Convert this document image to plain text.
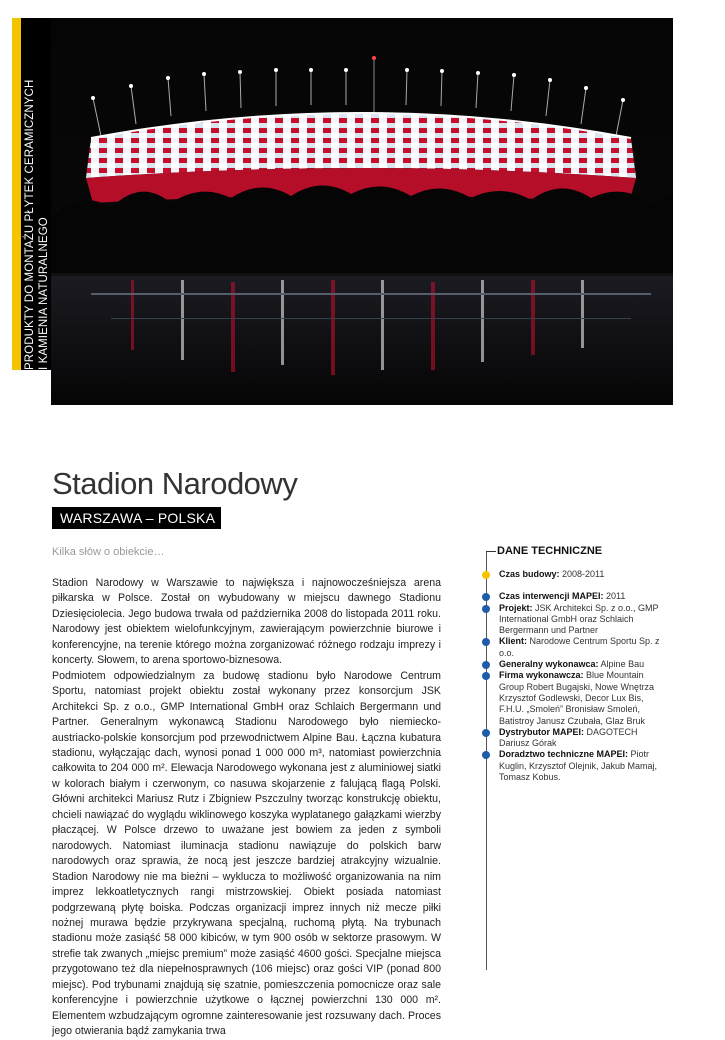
PRODUKTY DO MONTAŻU PŁYTEK CERAMICZNYCH I KAMIENIA NATURALNEGO
Stadion Narodowy
WARSZAWA – POLSKA
Kilka słów o obiekcie…

Stadion Narodowy w Warszawie to największa i najnowocześniejsza arena piłkarska w Polsce. Został on wybudowany w miejscu dawnego Stadionu Dziesięciolecia. Jego budowa trwała od października 2008 do listopada 2011 roku. Narodowy jest obiektem wielofunkcyjnym, zawierającym powierzchnie biurowe i konferencyjne, na terenie którego można zorganizować różnego rodzaju imprezy i koncerty. Słowem, to arena sportowo-biznesowa.

Podmiotem odpowiedzialnym za budowę stadionu było Narodowe Centrum Sportu, natomiast projekt obiektu został wykonany przez konsorcjum JSK Architekci Sp. z o.o., GMP International GmbH oraz Schlaich Bergermann und Partner. Generalnym wykonawcą Stadionu Narodowego było niemiecko-austriacko-polskie konsorcjum pod przewodnictwem Alpine Bau. Łączna kubatura stadionu, wyłączając dach, wynosi ponad 1 000 000 m³, natomiast powierzchnia całkowita to 204 000 m². Elewacja Narodowego wykonana jest z aluminiowej siatki w kolorach białym i czerwonym, co nasuwa skojarzenie z falującą flagą Polski. Główni architekci Mariusz Rutz i Zbigniew Pszczulny tworząc konstrukcję obiektu, chcieli nawiązać do wyglądu wiklinowego koszyka wyplatanego gałązkami wierzby płaczącej. W Polsce drzewo to uważane jest bowiem za jeden z symboli narodowych. Natomiast iluminacja stadionu nawiązuje do polskich barw narodowych oraz sprawia, że nocą jest jeszcze bardziej atrakcyjny wizualnie. Stadion Narodowy nie ma bieżni – wyklucza to możliwość organizowania na nim imprez lekkoatletycznych rangi mistrzowskiej. Obiekt posiada natomiast podgrzewaną płytę boiska. Podczas organizacji imprez innych niż mecze piłki nożnej murawa będzie przykrywana specjalną, ruchomą płytą. Na trybunach stadionu może zasiąść 58 000 kibiców, w tym 900 osób w sektorze prasowym. W strefie tak zwanych „miejsc premium” może zasiąść 4600 gości. Specjalne miejsca przygotowano też dla niepełnosprawnych (106 miejsc) oraz gości VIP (ponad 800 miejsc). Pod trybunami znajdują się szatnie, pomieszczenia pomocnicze oraz sale konferencyjne i powierzchnie użytkowe o łącznej powierzchni 130 000 m². Elementem wzbudzającym ogromne zainteresowanie jest rozsuwany dach. Proces jego otwierania bądź zamykania trwa

DANE TECHNICZNE
Czas budowy: 2008-2011
Czas interwencji MAPEI: 2011
Projekt: JSK Architekci Sp. z o.o., GMP International GmbH oraz Schlaich Bergermann und Partner
Klient: Narodowe Centrum Sportu Sp. z o.o.
Generalny wykonawca: Alpine Bau
Firma wykonawcza: Blue Mountain Group Robert Bugajski, Nowe Wnętrza Krzysztof Godlewski, Decor Lux Bis, F.H.U. „Smoleń” Bronisław Smoleń, Batistroy Janusz Czubała, Glaz Bruk
Dystrybutor MAPEI: DAGOTECH Dariusz Górak
Doradztwo techniczne MAPEI: Piotr Kuglin, Krzysztof Olejnik, Jakub Mamaj, Tomasz Kobus.
